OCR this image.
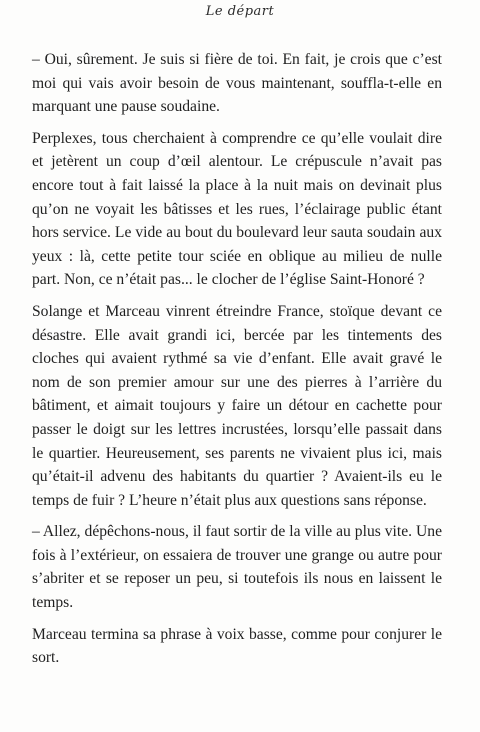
Le départ

– Oui, sûrement. Je suis si fière de toi. En fait, je crois que c’est moi qui vais avoir besoin de vous maintenant, souffla-t-elle en marquant une pause soudaine.

Perplexes, tous cherchaient à comprendre ce qu’elle voulait dire et jetèrent un coup d’œil alentour. Le crépuscule n’avait pas encore tout à fait laissé la place à la nuit mais on devinait plus qu’on ne voyait les bâtisses et les rues, l’éclairage public étant hors service. Le vide au bout du boulevard leur sauta soudain aux yeux : là, cette petite tour sciée en oblique au milieu de nulle part. Non, ce n’était pas... le clocher de l’église Saint-Honoré ?

Solange et Marceau vinrent étreindre France, stoïque devant ce désastre. Elle avait grandi ici, bercée par les tintements des cloches qui avaient rythmé sa vie d’enfant. Elle avait gravé le nom de son premier amour sur une des pierres à l’arrière du bâtiment, et aimait toujours y faire un détour en cachette pour passer le doigt sur les lettres incrustées, lorsqu’elle passait dans le quartier. Heureusement, ses parents ne vivaient plus ici, mais qu’était-il advenu des habitants du quartier ? Avaient-ils eu le temps de fuir ? L’heure n’était plus aux questions sans réponse.

– Allez, dépêchons-nous, il faut sortir de la ville au plus vite. Une fois à l’extérieur, on essaiera de trouver une grange ou autre pour s’abriter et se reposer un peu, si toutefois ils nous en laissent le temps.

Marceau termina sa phrase à voix basse, comme pour conjurer le sort.
